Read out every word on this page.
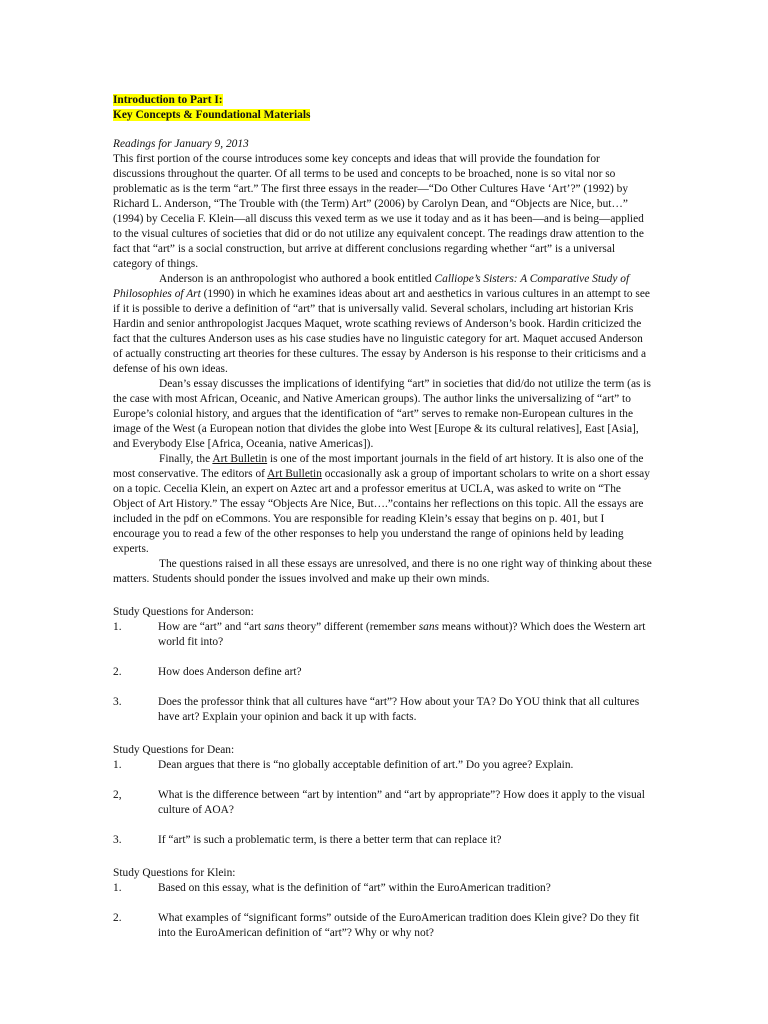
Introduction to Part I:
Key Concepts & Foundational Materials
Readings for January 9, 2013

This first portion of the course introduces some key concepts and ideas that will provide the foundation for discussions throughout the quarter. Of all terms to be used and concepts to be broached, none is so vital nor so problematic as is the term “art.” The first three essays in the reader—“Do Other Cultures Have ‘Art’?” (1992) by Richard L. Anderson, “The Trouble with (the Term) Art” (2006) by Carolyn Dean, and “Objects are Nice, but…” (1994) by Cecelia F. Klein—all discuss this vexed term as we use it today and as it has been—and is being—applied to the visual cultures of societies that did or do not utilize any equivalent concept. The readings draw attention to the fact that “art” is a social construction, but arrive at different conclusions regarding whether “art” is a universal category of things.

Anderson is an anthropologist who authored a book entitled Calliope’s Sisters: A Comparative Study of Philosophies of Art (1990) in which he examines ideas about art and aesthetics in various cultures in an attempt to see if it is possible to derive a definition of “art” that is universally valid. Several scholars, including art historian Kris Hardin and senior anthropologist Jacques Maquet, wrote scathing reviews of Anderson’s book. Hardin criticized the fact that the cultures Anderson uses as his case studies have no linguistic category for art. Maquet accused Anderson of actually constructing art theories for these cultures. The essay by Anderson is his response to their criticisms and a defense of his own ideas.

Dean’s essay discusses the implications of identifying “art” in societies that did/do not utilize the term (as is the case with most African, Oceanic, and Native American groups). The author links the universalizing of “art” to Europe’s colonial history, and argues that the identification of “art” serves to remake non-European cultures in the image of the West (a European notion that divides the globe into West [Europe & its cultural relatives], East [Asia], and Everybody Else [Africa, Oceania, native Americas]).

Finally, the Art Bulletin is one of the most important journals in the field of art history. It is also one of the most conservative. The editors of Art Bulletin occasionally ask a group of important scholars to write on a short essay on a topic. Cecelia Klein, an expert on Aztec art and a professor emeritus at UCLA, was asked to write on “The Object of Art History.” The essay “Objects Are Nice, But….”contains her reflections on this topic. All the essays are included in the pdf on eCommons. You are responsible for reading Klein’s essay that begins on p. 401, but I encourage you to read a few of the other responses to help you understand the range of opinions held by leading experts.

The questions raised in all these essays are unresolved, and there is no one right way of thinking about these matters. Students should ponder the issues involved and make up their own minds.

Study Questions for Anderson:
1.	How are “art” and “art sans theory” different (remember sans means without)? Which does the Western art world fit into?
2.	How does Anderson define art?
3.	Does the professor think that all cultures have “art”? How about your TA? Do YOU think that all cultures have art? Explain your opinion and back it up with facts.
Study Questions for Dean:
1.	Dean argues that there is “no globally acceptable definition of art.” Do you agree? Explain.
2,	What is the difference between “art by intention” and “art by appropriate”? How does it apply to the visual culture of AOA?
3.	If “art” is such a problematic term, is there a better term that can replace it?
Study Questions for Klein:
1.	Based on this essay, what is the definition of “art” within the EuroAmerican tradition?
2.	What examples of “significant forms” outside of the EuroAmerican tradition does Klein give? Do they fit into the EuroAmerican definition of “art”? Why or why not?
